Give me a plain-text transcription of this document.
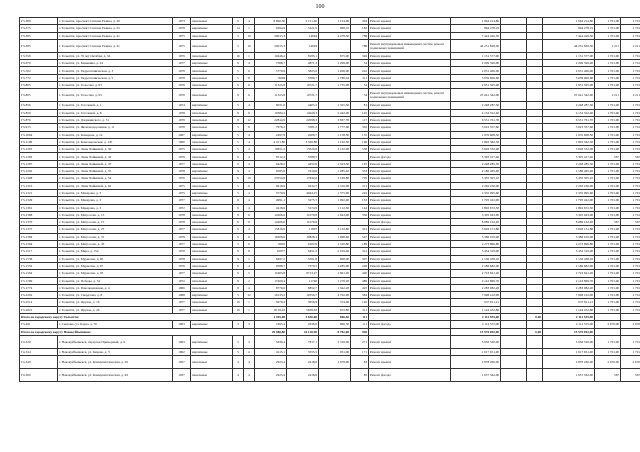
100
Г3-369	г. Тольятти, проспект Степана Разина, д. 20	1973	панельные	9	4	8 696,30	5 151,40	1 154,00	404	Ремонт крыши	1 964 214,80			1 964 214,80	1 701,00	1 701
Г3-375	г. Тольятти, проспект Степана Разина, д. 25	1978	кирпичные	14	1	6294,9	5221,9	908,10	182	Ремонт крыши	864 278,19			864 278,19	1 701,00	1 701
Г3-385	г. Тольятти, проспект Степана Разина, д. 41	1975	панельные	5	10	20015,3	14994	4 278,50	788	Ремонт крыши	7 444 426,50			7 444 426,50	1 701,00	1 701
Г3-385	г. Тольятти, проспект Степана Разина, д. 41	1975	панельные	5	10	20015,3	14994		788	Ремонт внутридомовых инженерных систем, ремонт подвальных помещений	44 251 828,30			44 251 828,30	2 211	2 211
Г3-559	г. Тольятти, ул. 70 лет Октября, д. 34	1979	панельные	16	1	10446,2	8185,1	675,00	349	Ремонт крыши	1 151 577,00			1 151 577,00	1 701,00	1 701
Г3-670	г. Тольятти, ул. Баныкина, д. 24	1977	кирпичные	9	4	7388,7	4871,3	1 299,00	54	Ремонт крыши	2 209 599,00			2 209 599,00	1 701,00	1 701
Г3-762	г. Тольятти, ул. Гидротехническая, д. 3	1979	панельные	5	6	5779,9	3825,6	1 206,00	242	Ремонт крыши	2 051 406,00			2 051 406,00	1 701,00	1 701
Г3-772	г. Тольятти, ул. Гидротехническая, д. 5	1978	панельные	5	8	8049	5589,7	1 786,04	311	Ремонт крыши	3 039 006,60			3 039 006,60	1 701,00	1 701
Г3-805	г. Тольятти, ул. Голосова, д. 93	1976	панельные	9	6	11325,8	10721,7	1 735,00	54	Ремонт крыши	2 951 595,00			2 951 595,00	1 701,00	1 701
Г3-805	г. Тольятти, ул. Голосова, д. 93	1976	панельные	9	6	11325,8	10721,7		54	Ремонт внутридомовых инженерных систем, ремонт подвальных помещений	25 041 342,00			25 041 342,00	2 211	2 211
Г3-856	г. Тольятти, ул. Гоголевой, д. 1	1974	кирпичные	5	4	6031,6	4405,2	1 325,50	81	Ремонт крыши	2 248 287,50			2 248 287,50	1 701,00	1 701
Г3-859	г. Тольятти, ул. Гоголевой, д. 8	1978	панельные	9	6	10384,2	14029,3	2 442,00	145	Ремонт крыши	4 154 322,40			4 154 322,40	1 701,00	1 701
Г3-876	г. Тольятти, ул. Дзержинского, д. 31	1979	панельные	9	12	22814,9	22098,3	3 837,70	117	Ремонт крыши	6 531 761,70			6 531 761,70	1 701,00	1 701
Г3-915	г. Тольятти, ул. Железнодорожная, д. 11	1976	панельные	5	8	7976,2	5581,2	1 777,60	302	Ремонт крыши	3 023 357,60			3 023 357,60	1 701,00	1 701
Г3-1064	г. Тольятти, ул. Комарова, д. 14	1967	кирпичные	5	4	2497,9	2006,7	1 158,50	155	Ремонт крыши	1 970 608,50			1 970 608,50	1 701,00	1 701
Г3-1109	г. Тольятти, ул. Комсомольская, д. 145	1966	панельные	5	4	4 471,80	3 326,80	1 162,50	196	Ремонт крыши	1 892 362,50			1 892 362,50	1 701,00	1 701
Г3-1281	г. Тольятти, ул. Лизы Чайкиной, д. 30	1975	панельные	5	4	19651,2	13520,8	2 132,00	556	Ремонт крыши	3 626 532,00			3 626 532,00	1 701,00	1 701
Г3-1282	г. Тольятти, ул. Лизы Чайкиной, д. 42	1976	панельные	9	4	8512,2	5589,5			Ремонт фасада	5 395 417,40			5 395 417,40	567	567
Г3-1287	г. Тольятти, ул. Лизы Чайкиной, д. 47	1977	панельные	9	4	6428,2	4452,9	1 323,50	197	Ремонт крыши	2 248 285,50			2 248 285,50	1 701,00	1 701
Г3-1292	г. Тольятти, ул. Лизы Чайкиной, д. 55	1978	кирпичные	9	4	6585,6	7619,6	1 285,40	353	Ремонт крыши	2 186 465,40			2 186 465,40	1 701,00	1 701
Г3-1308	г. Тольятти, ул. Лизы Чайкиной, д. 54	1976	панельные	9	10	23554,8	17632,6	3 199,80	705	Ремонт крыши	5 435 305,10			5 435 305,10	1 701,00	1 701
Г3-1310	г. Тольятти, ул. Лизы Чайкиной, д. 62	1975	панельные	5	6	6918,6	4232,7	1 316,00	211	Ремонт крыши	2 262 230,00			2 262 230,00	1 701,00	1 701
Г3-1321	г. Тольятти, ул. Макарова, д. 3	1975	кирпичные	5	4	3770,9	4044,15	1 375,00	222	Ремонт крыши	2 335 095,60			2 335 095,60	1 701,00	1 701
Г3-1329	г. Тольятти, ул. Макарова, д. 3	1977	панельные	9	4	4991,1	3275,7	1 092,00	133	Ремонт крыши	1 795 422,00			1 795 422,00	1 701,00	1 701
Г3-1361	г. Тольятти, ул. Макарова, д. 3	1972	панельные	9	4	4418,6	3174,9	1 112,50	144	Ремонт крыши	1 892 672,50			1 892 672,50	1 701,00	1 701
Г3-1368	г. Тольятти, ул. Матросова, д. 13	1978	панельные	9	6	14266,6	11079,6	1 943,00	356	Ремонт крыши	3 305 043,00			3 305 043,00	1 701,00	1 701
Г3-1370	г. Тольятти, ул. Матросова, д. 15	1978	панельные	9	6	14266,6	11079,6			Ремонт фасада	8 089 162,20			8 089 162,20	567	567
Г3-1375	г. Тольятти, ул. Матросова, д. 23	1977	панельные	9	4	15816,9	11807	2 132,80	321	Ремонт крыши	3 626 151,80			3 626 151,80	1 701,00	1 701
Г3-1384	г. Тольятти, ул. Матросова, д. 31	1978	панельные	9	6	16408,6	10828,3	1 998,60	547	Ремонт крыши	3 386 010,00			3 386 010,00	1 701,00	1 701
Г3-1394	г. Тольятти, ул. Матросова, д. 43	1977	панельные	5	6	6002	6102,9	1 316,80	189	Ремонт крыши	2 273 896,80			2 273 896,80	1 701,00	1 701
Г3-1517	г. Тольятти, ул. Мира, д. 152	1976	панельные	9	8	10077	6451,2	2 019,00	312	Ремонт крыши	3 434 319,00			3 434 319,00	1 701,00	1 701
Г3-1536	г. Тольятти, ул. Мурысева, д. 65	1978	панельные	9	1	8497,2	5591,8	698,00	307	Ремонт крыши	1 136 438,10			1 136 438,10	1 701,00	1 701
Г3-1552	г. Тольятти, ул. Мурысева, д. 67	1976	панельные	9	4	9588,7	7370,5	1 285,00	248	Ремонт крыши	2 186 682,00			2 186 682,00	1 701,00	1 701
Г3-1564	г. Тольятти, ул. Мурысева, д. 95	1977	панельные	9	5	11905,8	8713,27	1 601,20	420	Ремонт крыши	2 723 641,20			2 723 641,20	1 701,00	1 701
Г3-1769	г. Тольятти, ул. Победы, д. 34	1972	панельные	9	2	17269,4	11740	1 279,20	489	Ремонт крыши	2 142 869,70			2 142 869,70	1 701,00	1 701
Г3-1774	г. Тольятти, ул. Революционная, д. 4	1966	панельные	9	4	8776,6	6852,7	1 342,20	425	Ремонт крыши	2 283 082,20			2 283 082,20	1 701,00	1 701
Г3-2202	г. Тольятти, ул. Свердлова, д. 8	1968	кирпичные	5	12	16133,2	10356,7	4 702,00	384	Ремонт крыши	7 998 102,00			7 998 102,00	1 701,00	1 701
Г3-2514	г. Тольятти, ул. Фрунзе, д. 16	1977	панельные	16	1	5979,4	3656,9	374,96	126	Ремонт крыши	637 811,21			637 811,21	1 701,00	1 701
Г3-2621	г. Тольятти, ул. Фрунзе, д. 26	1977	панельные	16	1	8118,43	5628,63	672,80	311	Ремонт крыши	1 144 432,80			1 144 432,80	1 701,00	1 701
Итого по городскому округу Тольятти:						1 395,08	2 636,60	866,50	111		2 112 555,00		0,00	2 112 555,00		
Г3-491	г. Сызрань, ул. Карла, д. 76	1963	кирпичные	3	3	1695,4	2636,6	866,50	111	Ремонт фасада	2 112 555,00			2 112 555,00	2 670,00	2 670
Итого по городскому округу Новокуйбышевск:						29 988,80	24 128,90	8 782,00	946		15 570 092,00		0,00	15 570 092,00		
Г4-329	г. Новокуйбышевск, переулок Приморный, д. 9	1963	кирпичные	5	3	5639,4	7817,1	2 316,00	271	Ремонт крыши	3 956 526,00			3 956 526,00	1 701,00	1 701
Г4-344	г. Новокуйбышевск, ул. Кирова, д. 3	1962	кирпичные	5	4	4215,1	3555,5	951,00	171	Ремонт крыши	1 617 651,00			1 617 651,00	1 701,00	1 701
Г4-349	г. Новокуйбышевск, ул. Коммунистическая, д. 39	1957	панельные	4	4	2923,4	2418,6	1 078,00	83	Ремонт крыши	2 878 260,00			2 878 260,00	2 670,00	2 670
Г4-369	г. Новокуйбышевск, ул. Коммунистическая, д. 49	1957	панельные	4	4	2923,4	2418,6		85	Ремонт фасада	1 657 562,00			1 657 562,00	567	567
